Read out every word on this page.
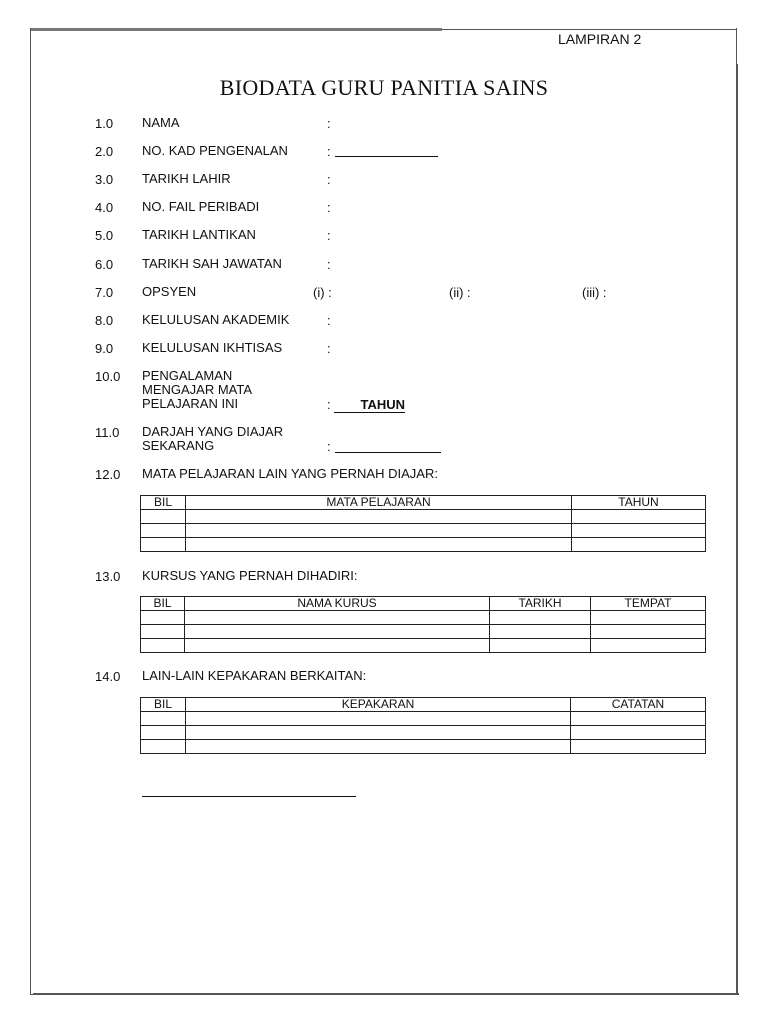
LAMPIRAN 2
BIODATA GURU PANITIA SAINS
1.0 NAMA	:
2.0 NO. KAD PENGENALAN	:
3.0 TARIKH LAHIR	:
4.0 NO. FAIL PERIBADI	:
5.0 TARIKH LANTIKAN	:
6.0 TARIKH SAH JAWATAN	:
7.0 OPSYEN	(i) :	(ii) :	(iii) :
8.0 KELULUSAN AKADEMIK	:
9.0 KELULUSAN IKHTISAS	:
10.0 PENGALAMAN
MENGAJAR MATA
PELAJARAN INI	:	TAHUN
11.0 DARJAH YANG DIAJAR
SEKARANG	:
12.0 MATA PELAJARAN LAIN YANG PERNAH DIAJAR:
BIL	MATA PELAJARAN	TAHUN

13.0 KURSUS YANG PERNAH DIHADIRI:
BIL	NAMA KURUS	TARIKH	TEMPAT

14.0 LAIN-LAIN KEPAKARAN BERKAITAN:
BIL	KEPAKARAN	CATATAN
